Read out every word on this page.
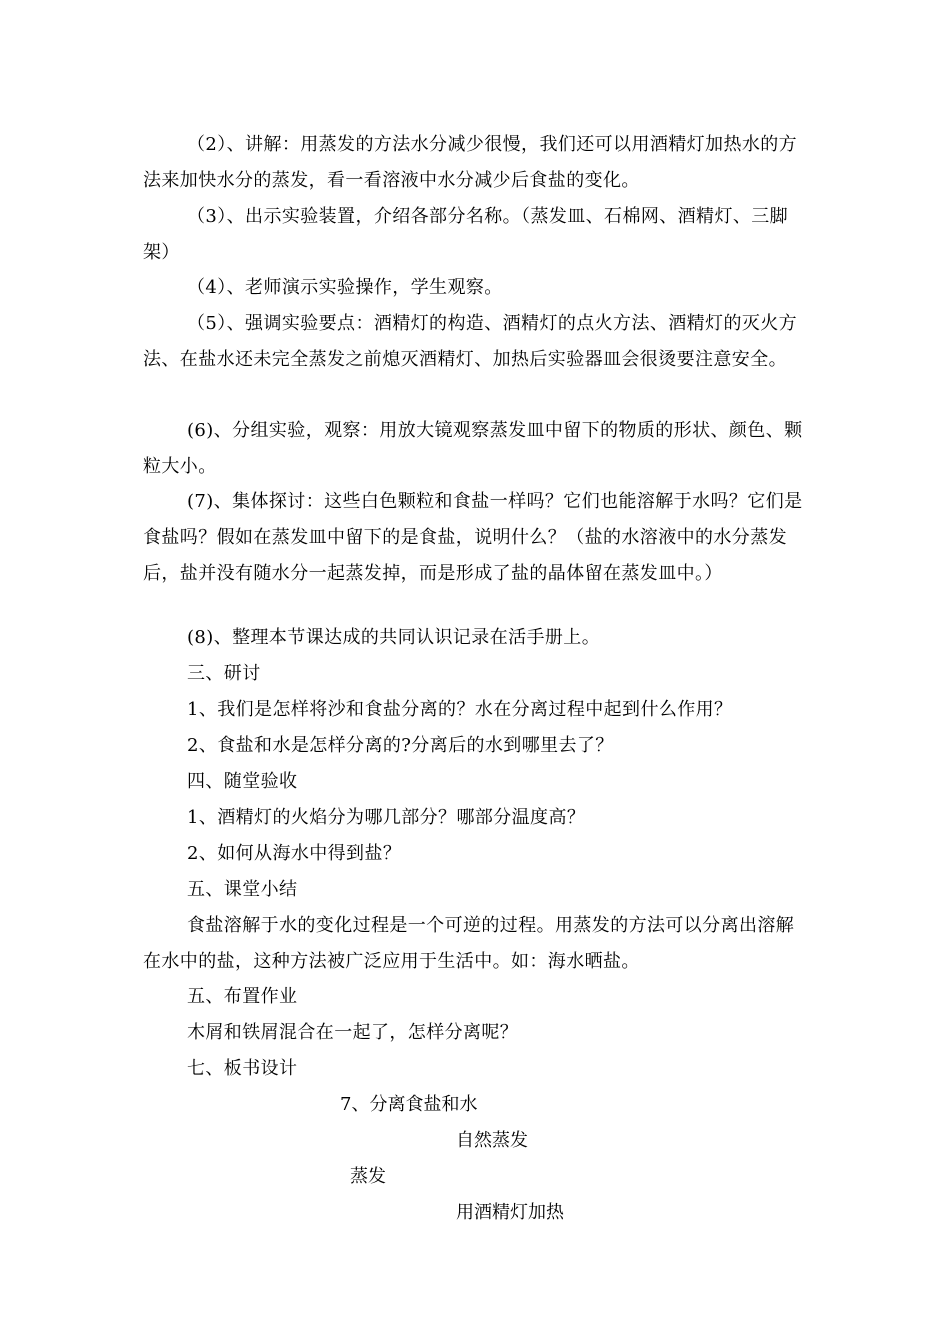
（2）、讲解：用蒸发的方法水分减少很慢，我们还可以用酒精灯加热水的方法来加快水分的蒸发，看一看溶液中水分减少后食盐的变化。

（3）、出示实验装置，介绍各部分名称。（蒸发皿、石棉网、酒精灯、三脚架）

（4）、老师演示实验操作，学生观察。

（5）、强调实验要点：酒精灯的构造、酒精灯的点火方法、酒精灯的灭火方法、在盐水还未完全蒸发之前熄灭酒精灯、加热后实验器皿会很烫要注意安全。

(6)、分组实验，观察：用放大镜观察蒸发皿中留下的物质的形状、颜色、颗粒大小。

(7)、集体探讨：这些白色颗粒和食盐一样吗？它们也能溶解于水吗？它们是食盐吗？假如在蒸发皿中留下的是食盐，说明什么？（盐的水溶液中的水分蒸发后，盐并没有随水分一起蒸发掉，而是形成了盐的晶体留在蒸发皿中。）

(8)、整理本节课达成的共同认识记录在活手册上。

三、研讨

1、我们是怎样将沙和食盐分离的？水在分离过程中起到什么作用？

2、食盐和水是怎样分离的?分离后的水到哪里去了？

四、随堂验收

1、酒精灯的火焰分为哪几部分？哪部分温度高？

2、如何从海水中得到盐？

五、课堂小结

食盐溶解于水的变化过程是一个可逆的过程。用蒸发的方法可以分离出溶解在水中的盐，这种方法被广泛应用于生活中。如：海水晒盐。

五、布置作业

木屑和铁屑混合在一起了，怎样分离呢？

七、板书设计

7、分离食盐和水
自然蒸发
蒸发
用酒精灯加热
